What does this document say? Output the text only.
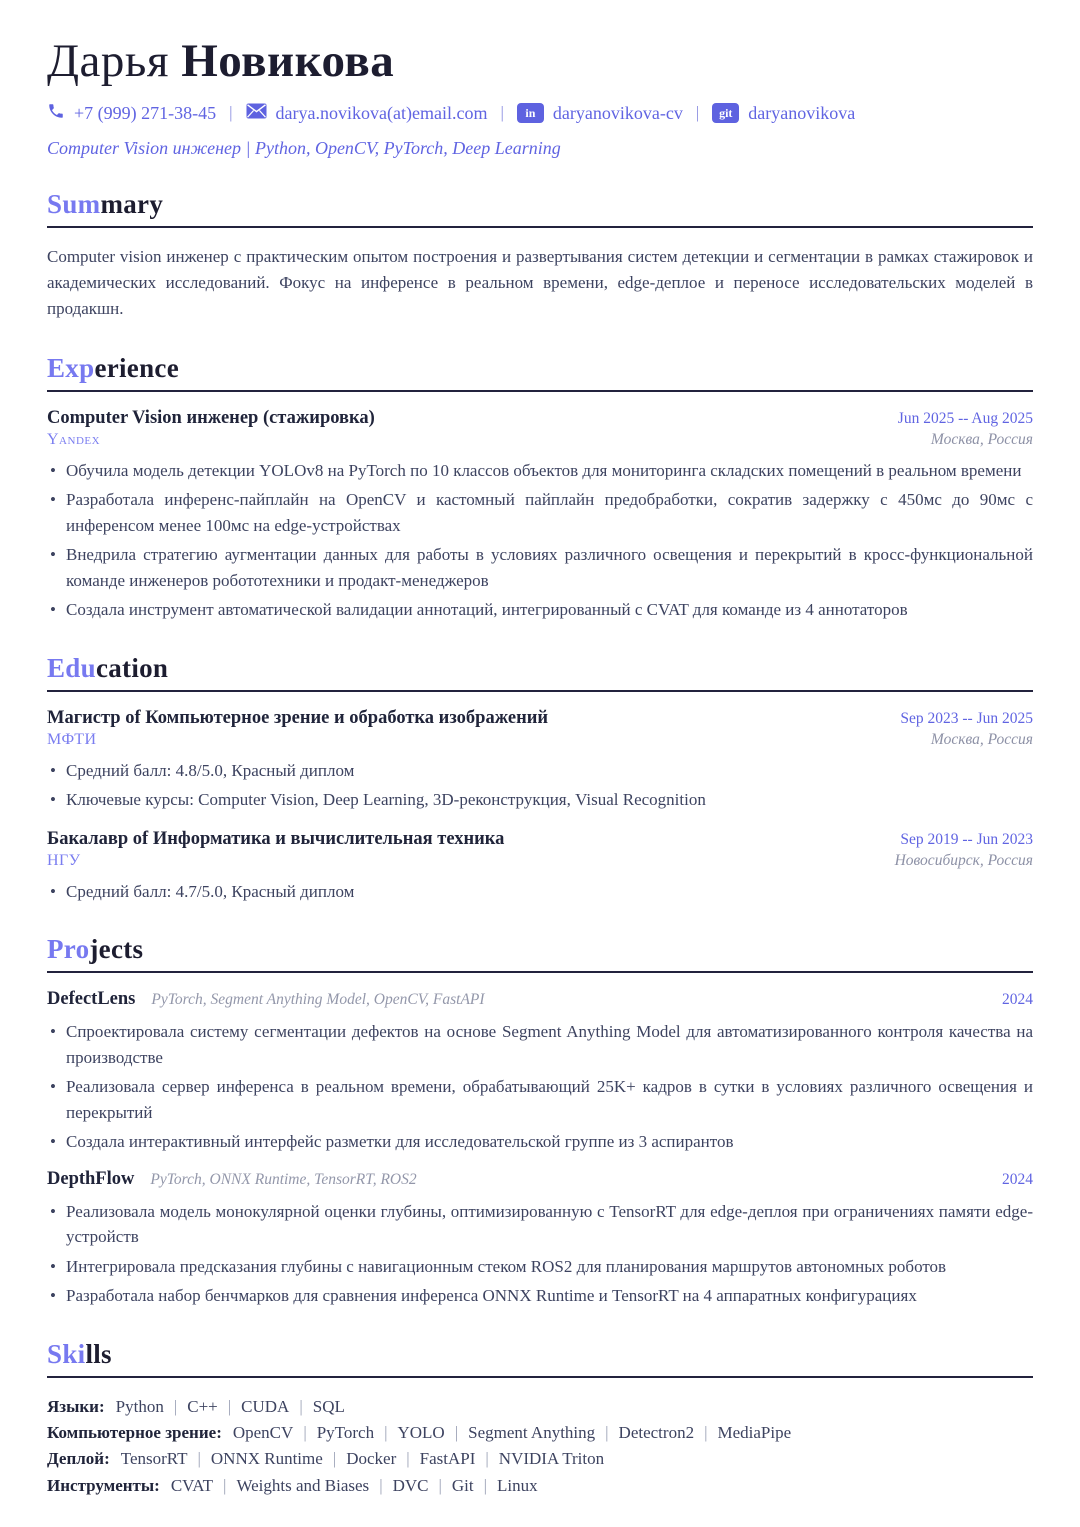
Дарья Новикова
+7 (999) 271-38-45 | darya.novikova(at)email.com |	in daryanovikova-cv |	git daryanovikova
Computer Vision инженер | Python, OpenCV, PyTorch, Deep Learning
Summary

Computer vision инженер с практическим опытом построения и развертывания систем детекции и сегментации в рамках стажировок и академических исследований. Фокус на инференсе в реальном времени, edge-деплое и переносе исследовательских моделей в продакшн.

Experience
Computer Vision инженер (стажировка)	Jun 2025 -- Aug 2025
Yandex	Москва, Россия
• Обучила модель детекции YOLOv8 на PyTorch по 10 классов объектов для мониторинга складских помещений в реальном времени
• Разработала инференс-пайплайн на OpenCV и кастомный пайплайн предобработки, сократив задержку с 450мс до 90мс с инференсом менее 100мс на edge-устройствах
• Внедрила стратегию аугментации данных для работы в условиях различного освещения и перекрытий в кросс-функциональной команде инженеров робототехники и продакт-менеджеров
• Создала инструмент автоматической валидации аннотаций, интегрированный с CVAT для команде из 4 аннотаторов
Education
Магистр of Компьютерное зрение и обработка изображений	Sep 2023 -- Jun 2025
МФТИ	Москва, Россия
• Средний балл: 4.8/5.0, Красный диплом
• Ключевые курсы: Computer Vision, Deep Learning, 3D-реконструкция, Visual Recognition
Бакалавр of Информатика и вычислительная техника	Sep 2019 -- Jun 2023
НГУ	Новосибирск, Россия
• Средний балл: 4.7/5.0, Красный диплом
Projects
DefectLens PyTorch, Segment Anything Model, OpenCV, FastAPI	2024
• Спроектировала систему сегментации дефектов на основе Segment Anything Model для автоматизированного контроля качества на производстве
• Реализовала сервер инференса в реальном времени, обрабатывающий 25K+ кадров в сутки в условиях различного освещения и перекрытий
• Создала интерактивный интерфейс разметки для исследовательской группе из 3 аспирантов
DepthFlow PyTorch, ONNX Runtime, TensorRT, ROS2	2024
• Реализовала модель монокулярной оценки глубины, оптимизированную с TensorRT для edge-деплоя при ограничениях памяти edge-устройств
• Интегрировала предсказания глубины с навигационным стеком ROS2 для планирования маршрутов автономных роботов
• Разработала набор бенчмарков для сравнения инференса ONNX Runtime и TensorRT на 4 аппаратных конфигурациях
Skills
Языки: Python | C++ | CUDA | SQL
Компьютерное зрение: OpenCV | PyTorch | YOLO | Segment Anything | Detectron2 | MediaPipe
Деплой: TensorRT | ONNX Runtime | Docker | FastAPI | NVIDIA Triton
Инструменты: CVAT | Weights and Biases | DVC | Git | Linux
